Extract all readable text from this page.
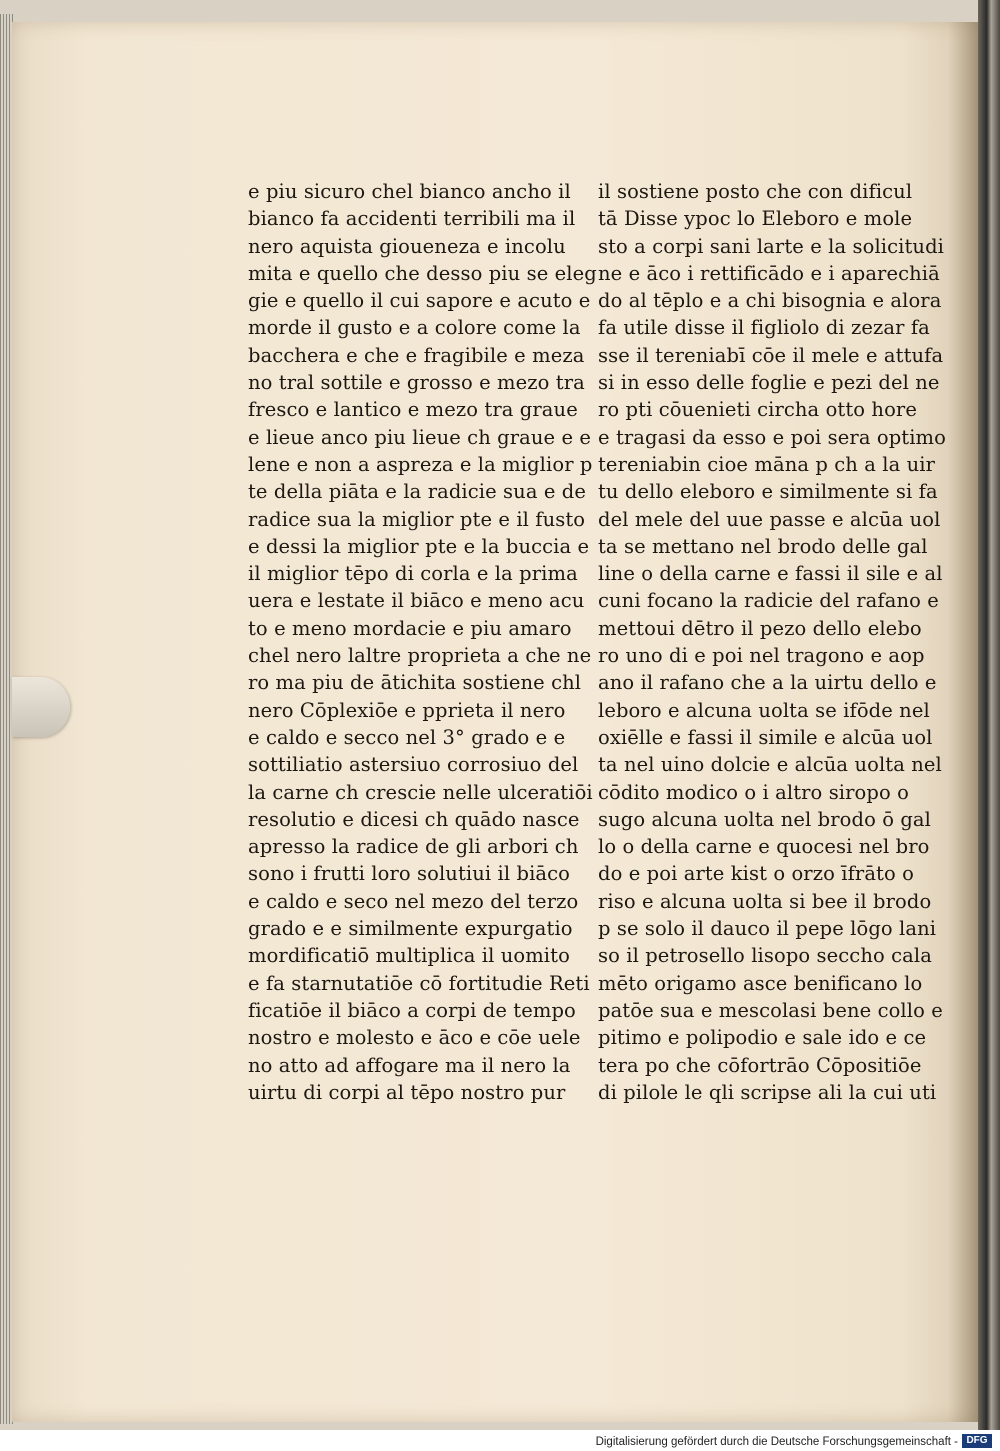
e piu sicuro chel bianco ancho il
bianco fa accidenti terribili ma il
nero aquista giouenеza e incolu
mita e quello che desso piu se eleg
gie e quello il cui sapore e acuto e
morde il gusto e a colore come la
bacchera e che e fragibile e meza
no tral sottile e grosso e mezo tra
fresco e lantico e mezo tra graue
e lieue anco piu lieue ch graue e e
lene e non a aspreza e la miglior p
te della piāta e la radicie sua e de
radice sua la miglior pte e il fusto
e dessi la miglior pte e la buccia e
il miglior tēpo di corla e la prima
uera e lestate il biāco e meno acu
to e meno mordacie e piu amaro
chel nero laltre proprieta a che ne
ro ma piu de ātichita sostiene chl
nero Cōplexiōe e pprieta il nero
e caldo e secco nel 3° grado e e
sottiliatio astersiuo corrosiuo del
la carne ch crescie nelle ulceratiōi
resolutio e dicesi ch quādo nasce
apresso la radice de gli arbori ch
sono i frutti loro solutiui il biāco
e caldo e seco nel mezo del terzo
grado e e similmente expurgatio
mordificatiō multiplica il uomito
e fa starnutatiōe cō fortitudie Reti
ficatiōe il biāco a corpi de tempo
nostro e molesto e āco e cōe uele
no atto ad affogare ma il nero la
uirtu di corpi al tēpo nostro pur
il sostiene posto che con dificul
tā Disse ypoc lo Eleboro e mole
sto a corpi sani larte e la solicitudi
ne e āco i rettificādo e i aparechiā
do al tēplo e a chi bisognia e alora
fa utile disse il figliolo di zezar fa
sse il tereniabī cōe il mele e attufa
si in esso delle foglie e pezi del ne
ro pti cōuenieti circha otto hore
e tragasi da esso e poi sera optimo
tereniabin cioe māna p ch a la uir
tu dello eleboro e similmente si fa
del mele del uue passe e alcūa uol
ta se mettano nel brodo delle gal
line o della carne e fassi il sile e al
cuni focano la radicie del rafano e
mettoui dētro il pezo dello elebo
ro uno di e poi nel tragono e aop
ano il rafano che a la uirtu dello e
leboro e alcuna uolta se ifōde nel
oxiēlle e fassi il simile e alcūa uol
ta nel uino dolcie e alcūa uolta nel
cōdito modico o i altro siropo o
sugo alcuna uolta nel brodo ō gal
lo o della carne e quocesi nel bro
do e poi arte kist o orzo īfrāto o
riso e alcuna uolta si bee il brodo
p se solo il dauco il pepe lōgo lani
so il petrosello lisopo secchо cala
mēto origamo asce benificano lo
patōe sua e mescolasi bene collo e
pitimo e polipodio e sale ido e ce
tera po che cōfortrāo Cōpositiōe
di pilole le qli scripse ali la cui uti
Digitalisierung gefördert durch die Deutsche Forschungsgemeinschaft - DFG
